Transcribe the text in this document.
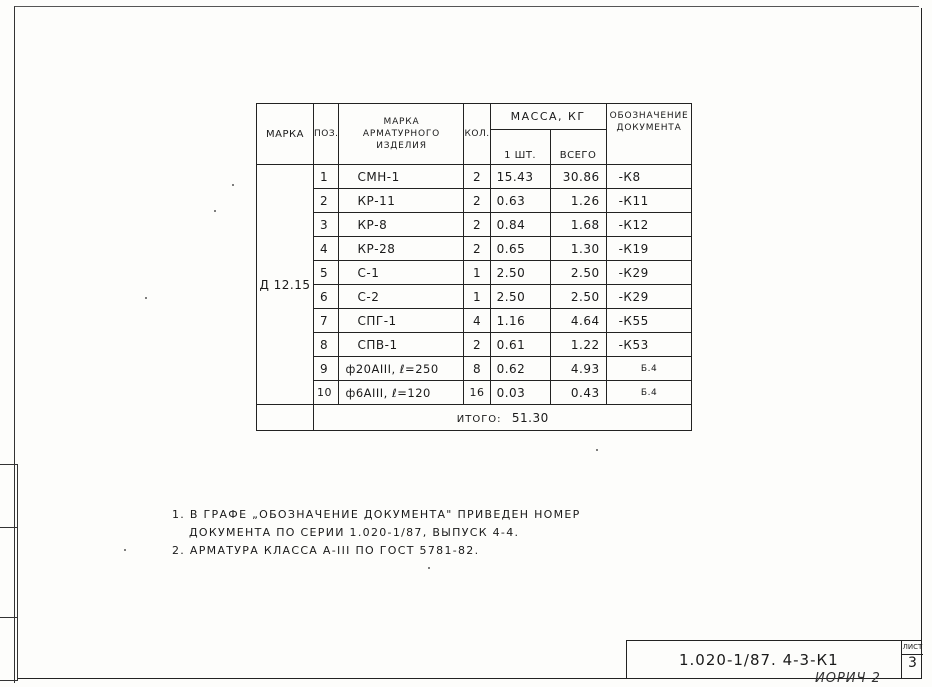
МАРКА	ПОЗ.	МАРКА АРМАТУРНОГО ИЗДЕЛИЯ	КОЛ.	МАССА, КГ		ОБОЗНАЧЕНИЕ ДОКУМЕНТА
				1 ШТ.	ВСЕГО	
Д 12.15	1	СМН-1	2	15.43	30.86	-К8
	2	КР-11	2	0.63	1.26	-К11
	3	КР-8	2	0.84	1.68	-К12
	4	КР-28	2	0.65	1.30	-К19
	5	С-1	1	2.50	2.50	-К29
	6	С-2	1	2.50	2.50	-К29
	7	СПГ-1	4	1.16	4.64	-К55
	8	СПВ-1	2	0.61	1.22	-К53
	9	ф20АIII, ℓ=250	8	0.62	4.93	Б.4
	10	ф6АIII, ℓ=120	16	0.03	0.43	Б.4
	ИТОГО: 51.30					
1. В ГРАФЕ „ОБОЗНАЧЕНИЕ ДОКУМЕНТА" ПРИВЕДЕН НОМЕР
ДОКУМЕНТА ПО СЕРИИ 1.020-1/87, ВЫПУСК 4-4.
2. АРМАТУРА КЛАССА А-III ПО ГОСТ 5781-82.
1.020-1/87. 4-3-К1
ЛИСТ
3
ИОРИЧ 2
